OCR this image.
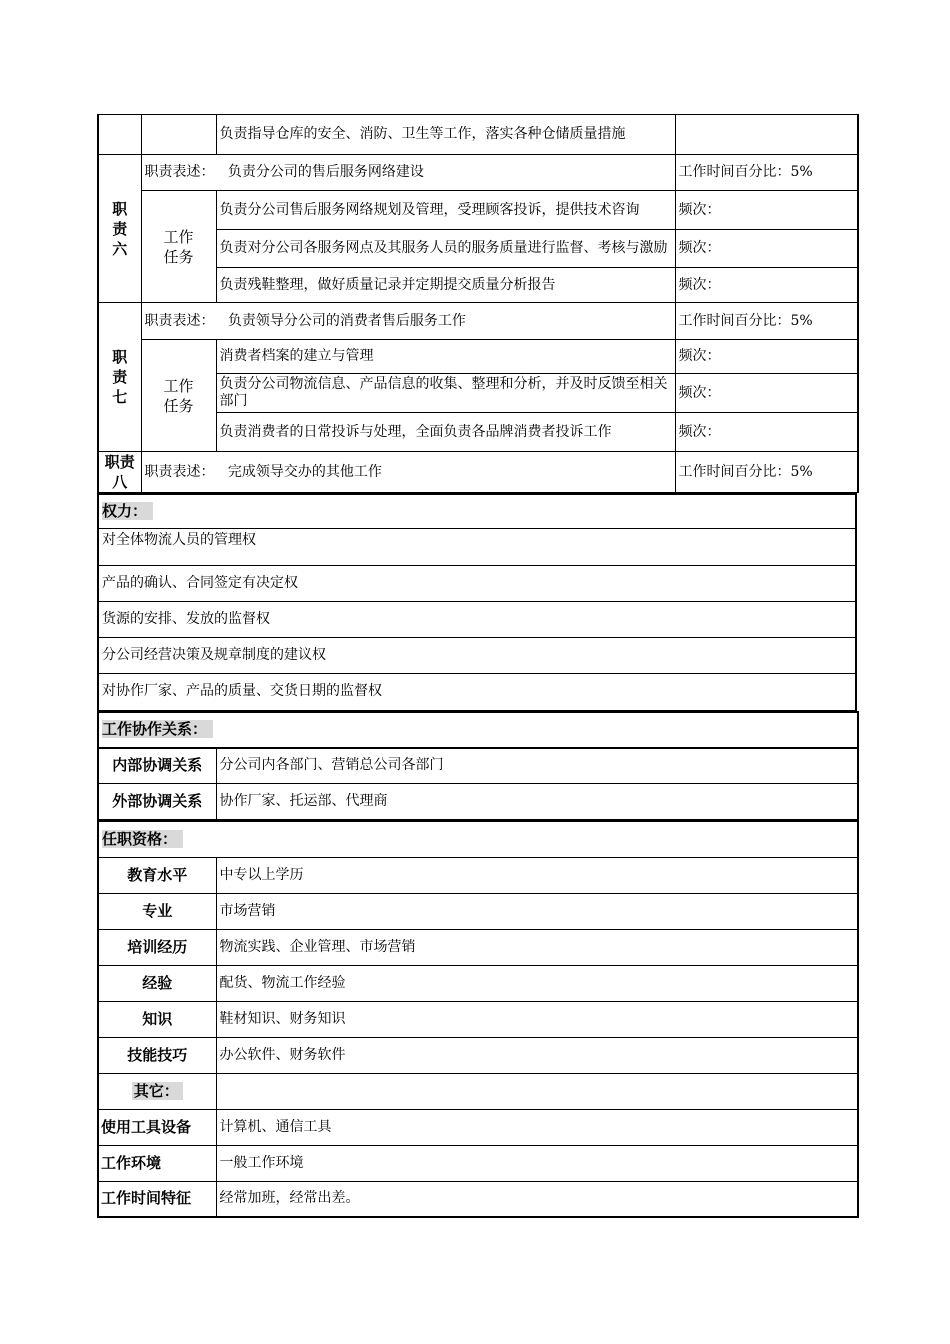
		负责指导仓库的安全、消防、卫生等工作，落实各种仓储质量措施	
职责六	职责表述： 负责分公司的售后服务网络建设		工作时间百分比：5%
	工作任务	负责分公司售后服务网络规划及管理，受理顾客投诉，提供技术咨询	频次：
		负责对分公司各服务网点及其服务人员的服务质量进行监督、考核与激励	频次：
		负责残鞋整理，做好质量记录并定期提交质量分析报告	频次：
职责七	职责表述： 负责领导分公司的消费者售后服务工作		工作时间百分比：5%
	工作任务	消费者档案的建立与管理	频次：
		负责分公司物流信息、产品信息的收集、整理和分析，并及时反馈至相关部门	频次：
		负责消费者的日常投诉与处理，全面负责各品牌消费者投诉工作	频次：
职责八	职责表述： 完成领导交办的其他工作		工作时间百分比：5%
权力：
对全体物流人员的管理权
产品的确认、合同签定有决定权
货源的安排、发放的监督权
分公司经营决策及规章制度的建议权
对协作厂家、产品的质量、交货日期的监督权
工作协作关系：	
内部协调关系	分公司内各部门、营销总公司各部门
外部协调关系	协作厂家、托运部、代理商
任职资格：	
教育水平	中专以上学历
专业	市场营销
培训经历	物流实践、企业管理、市场营销
经验	配货、物流工作经验
知识	鞋材知识、财务知识
技能技巧	办公软件、财务软件
其它：	
使用工具设备	计算机、通信工具
工作环境	一般工作环境
工作时间特征	经常加班，经常出差。
